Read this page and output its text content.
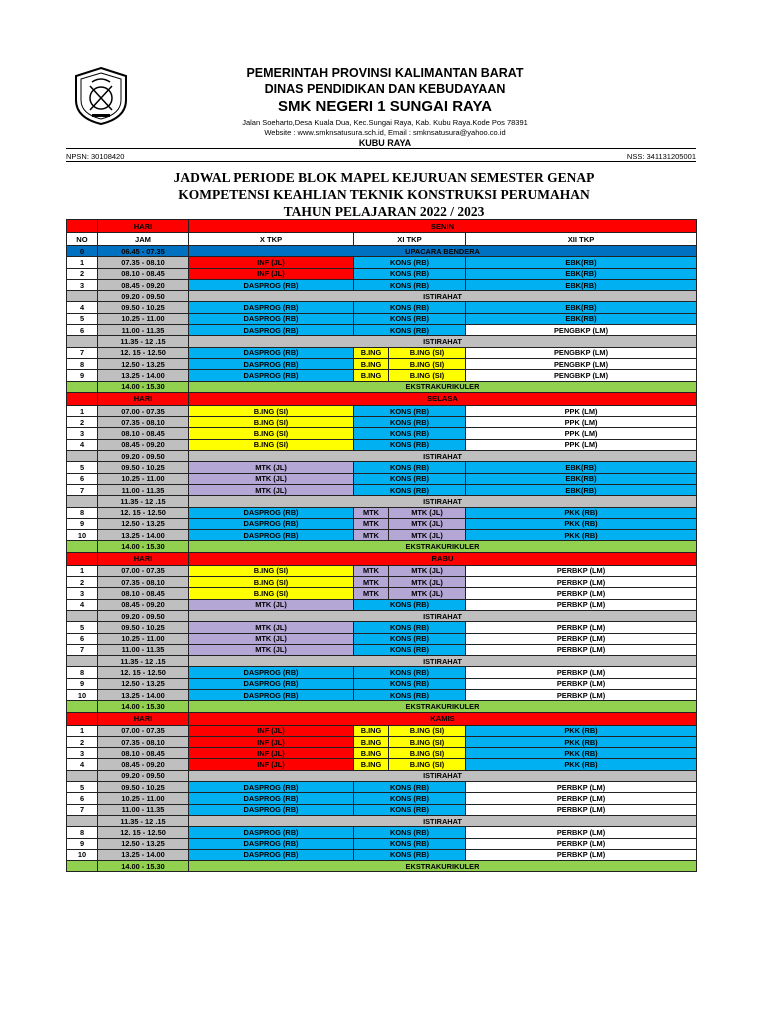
PEMERINTAH PROVINSI KALIMANTAN BARAT
DINAS PENDIDIKAN DAN KEBUDAYAAN
SMK NEGERI 1 SUNGAI RAYA
Jalan Soeharto,Desa Kuala Dua, Kec.Sungai Raya, Kab. Kubu Raya.Kode Pos 78391
Website : www.smknsatusura.sch.id, Email : smknsatusura@yahoo.co.id
KUBU RAYA
NPSN: 30108420	NSS: 341131205001
JADWAL PERIODE BLOK MAPEL KEJURUAN SEMESTER GENAP
KOMPETENSI KEAHLIAN TEKNIK KONSTRUKSI PERUMAHAN
TAHUN PELAJARAN 2022 / 2023
	HARI	SENIN			
NO	JAM	X TKP	XI TKP		XII TKP
0	06.45 - 07.35	UPACARA BENDERA			
1	07.35 - 08.10	INF (JL)	KONS (RB)		EBK(RB)
2	08.10 - 08.45	INF (JL)	KONS (RB)		EBK(RB)
3	08.45 - 09.20	DASPROG (RB)	KONS (RB)		EBK(RB)
	09.20 - 09.50	ISTIRAHAT			
4	09.50 - 10.25	DASPROG (RB)	KONS (RB)		EBK(RB)
5	10.25 - 11.00	DASPROG (RB)	KONS (RB)		EBK(RB)
6	11.00 - 11.35	DASPROG (RB)	KONS (RB)		PENGBKP (LM)
	11.35 - 12 .15	ISTIRAHAT			
7	12. 15 - 12.50	DASPROG (RB)	B.ING	B.ING (SI)	PENGBKP (LM)
8	12.50 - 13.25	DASPROG (RB)	B.ING	B.ING (SI)	PENGBKP (LM)
9	13.25 - 14.00	DASPROG (RB)	B.ING	B.ING (SI)	PENGBKP (LM)
	14.00 - 15.30	EKSTRAKURIKULER			
	HARI	SELASA			
1	07.00 - 07.35	B.ING (SI)	KONS (RB)		PPK (LM)
2	07.35 - 08.10	B.ING (SI)	KONS (RB)		PPK (LM)
3	08.10 - 08.45	B.ING (SI)	KONS (RB)		PPK (LM)
4	08.45 - 09.20	B.ING (SI)	KONS (RB)		PPK (LM)
	09.20 - 09.50	ISTIRAHAT			
5	09.50 - 10.25	MTK (JL)	KONS (RB)		EBK(RB)
6	10.25 - 11.00	MTK (JL)	KONS (RB)		EBK(RB)
7	11.00 - 11.35	MTK (JL)	KONS (RB)		EBK(RB)
	11.35 - 12 .15	ISTIRAHAT			
8	12. 15 - 12.50	DASPROG (RB)	MTK	MTK (JL)	PKK (RB)
9	12.50 - 13.25	DASPROG (RB)	MTK	MTK (JL)	PKK (RB)
10	13.25 - 14.00	DASPROG (RB)	MTK	MTK (JL)	PKK (RB)
	14.00 - 15.30	EKSTRAKURIKULER			
	HARI	RABU			
1	07.00 - 07.35	B.ING (SI)	MTK	MTK (JL)	PERBKP (LM)
2	07.35 - 08.10	B.ING (SI)	MTK	MTK (JL)	PERBKP (LM)
3	08.10 - 08.45	B.ING (SI)	MTK	MTK (JL)	PERBKP (LM)
4	08.45 - 09.20	MTK (JL)	KONS (RB)		PERBKP (LM)
	09.20 - 09.50	ISTIRAHAT			
5	09.50 - 10.25	MTK (JL)	KONS (RB)		PERBKP (LM)
6	10.25 - 11.00	MTK (JL)	KONS (RB)		PERBKP (LM)
7	11.00 - 11.35	MTK (JL)	KONS (RB)		PERBKP (LM)
	11.35 - 12 .15	ISTIRAHAT			
8	12. 15 - 12.50	DASPROG (RB)	KONS (RB)		PERBKP (LM)
9	12.50 - 13.25	DASPROG (RB)	KONS (RB)		PERBKP (LM)
10	13.25 - 14.00	DASPROG (RB)	KONS (RB)		PERBKP (LM)
	14.00 - 15.30	EKSTRAKURIKULER			
	HARI	KAMIS			
1	07.00 - 07.35	INF (JL)	B.ING	B.ING (SI)	PKK (RB)
2	07.35 - 08.10	INF (JL)	B.ING	B.ING (SI)	PKK (RB)
3	08.10 - 08.45	INF (JL)	B.ING	B.ING (SI)	PKK (RB)
4	08.45 - 09.20	INF (JL)	B.ING	B.ING (SI)	PKK (RB)
	09.20 - 09.50	ISTIRAHAT			
5	09.50 - 10.25	DASPROG (RB)	KONS (RB)		PERBKP (LM)
6	10.25 - 11.00	DASPROG (RB)	KONS (RB)		PERBKP (LM)
7	11.00 - 11.35	DASPROG (RB)	KONS (RB)		PERBKP (LM)
	11.35 - 12 .15	ISTIRAHAT			
8	12. 15 - 12.50	DASPROG (RB)	KONS (RB)		PERBKP (LM)
9	12.50 - 13.25	DASPROG (RB)	KONS (RB)		PERBKP (LM)
10	13.25 - 14.00	DASPROG (RB)	KONS (RB)		PERBKP (LM)
	14.00 - 15.30	EKSTRAKURIKULER			
